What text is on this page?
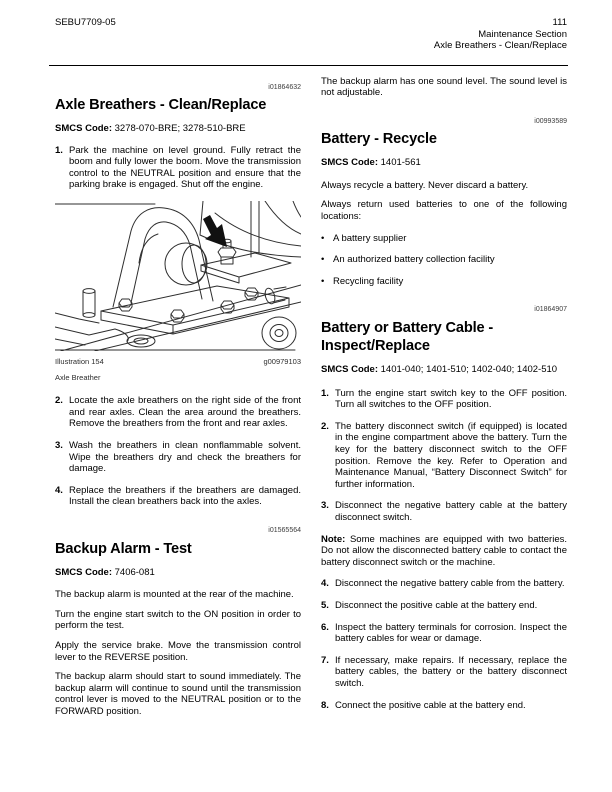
SEBU7709-05	111
Maintenance Section
Axle Breathers - Clean/Replace
i01864632
Axle Breathers - Clean/Replace

SMCS Code: 3278-070-BRE; 3278-510-BRE

1. Park the machine on level ground. Fully retract the boom and fully lower the boom. Move the transmission control to the NEUTRAL position and ensure that the parking brake is engaged. Shut off the engine.
Illustration 154	g00979103
Axle Breather
2. Locate the axle breathers on the right side of the front and rear axles. Clean the area around the breathers. Remove the breathers from the front and rear axles.
3. Wash the breathers in clean nonflammable solvent. Wipe the breathers dry and check the breathers for damage.
4. Replace the breathers if the breathers are damaged. Install the clean breathers back into the axles.
i01565564
Backup Alarm - Test

SMCS Code: 7406-081

The backup alarm is mounted at the rear of the machine.

Turn the engine start switch to the ON position in order to perform the test.

Apply the service brake. Move the transmission control lever to the REVERSE position.

The backup alarm should start to sound immediately. The backup alarm will continue to sound until the transmission control lever is moved to the NEUTRAL position or to the FORWARD position.

The backup alarm has one sound level. The sound level is not adjustable.

i00993589
Battery - Recycle

SMCS Code: 1401-561

Always recycle a battery. Never discard a battery.

Always return used batteries to one of the following locations:

• A battery supplier
• An authorized battery collection facility
• Recycling facility
i01864907
Battery or Battery Cable - Inspect/Replace

SMCS Code: 1401-040; 1401-510; 1402-040; 1402-510

1. Turn the engine start switch key to the OFF position. Turn all switches to the OFF position.
2. The battery disconnect switch (if equipped) is located in the engine compartment above the battery. Turn the key for the battery disconnect switch to the OFF position. Remove the key. Refer to Operation and Maintenance Manual, “Battery Disconnect Switch” for further information.
3. Disconnect the negative battery cable at the battery disconnect switch.

Note: Some machines are equipped with two batteries. Do not allow the disconnected battery cable to contact the battery disconnect switch or the machine.

4. Disconnect the negative battery cable from the battery.
5. Disconnect the positive cable at the battery end.
6. Inspect the battery terminals for corrosion. Inspect the battery cables for wear or damage.
7. If necessary, make repairs. If necessary, replace the battery cables, the battery or the battery disconnect switch.
8. Connect the positive cable at the battery end.
